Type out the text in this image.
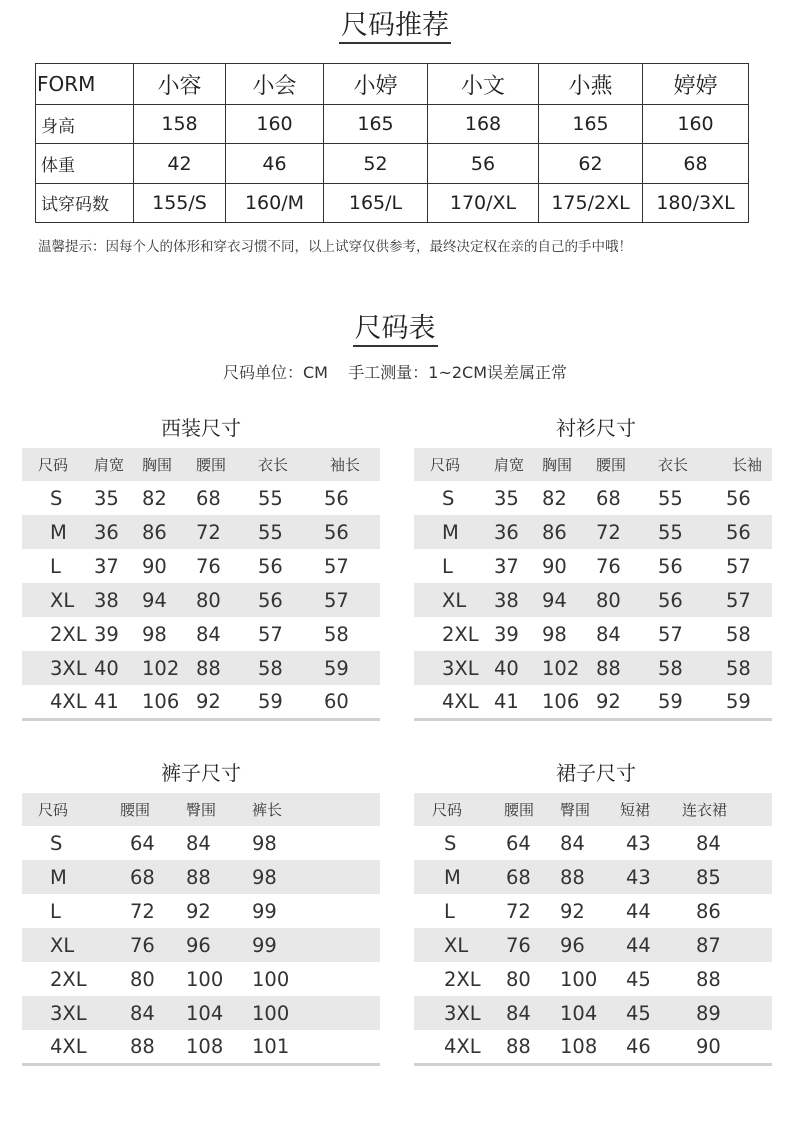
尺码推荐
FORM	小容	小会	小婷	小文	小燕	婷婷
身高	158	160	165	168	165	160
体重	42	46	52	56	62	68
试穿码数	155/S	160/M	165/L	170/XL	175/2XL	180/3XL
温馨提示：因每个人的体形和穿衣习惯不同，以上试穿仅供参考，最终决定权在亲的自己的手中哦！
尺码表
尺码单位：CM    手工测量：1~2CM误差属正常
西装尺寸
尺码	肩宽	胸围	腰围	衣长	袖长
S	35	82	68	55	56
M	36	86	72	55	56
L	37	90	76	56	57
XL	38	94	80	56	57
2XL	39	98	84	57	58
3XL	40	102	88	58	59
4XL	41	106	92	59	60
衬衫尺寸
尺码	肩宽	胸围	腰围	衣长	长袖
S	35	82	68	55	56
M	36	86	72	55	56
L	37	90	76	56	57
XL	38	94	80	56	57
2XL	39	98	84	57	58
3XL	40	102	88	58	58
4XL	41	106	92	59	59
裤子尺寸
尺码	腰围	臀围	裤长
S	64	84	98
M	68	88	98
L	72	92	99
XL	76	96	99
2XL	80	100	100
3XL	84	104	100
4XL	88	108	101
裙子尺寸
尺码	腰围	臀围	短裙	连衣裙
S	64	84	43	84
M	68	88	43	85
L	72	92	44	86
XL	76	96	44	87
2XL	80	100	45	88
3XL	84	104	45	89
4XL	88	108	46	90
